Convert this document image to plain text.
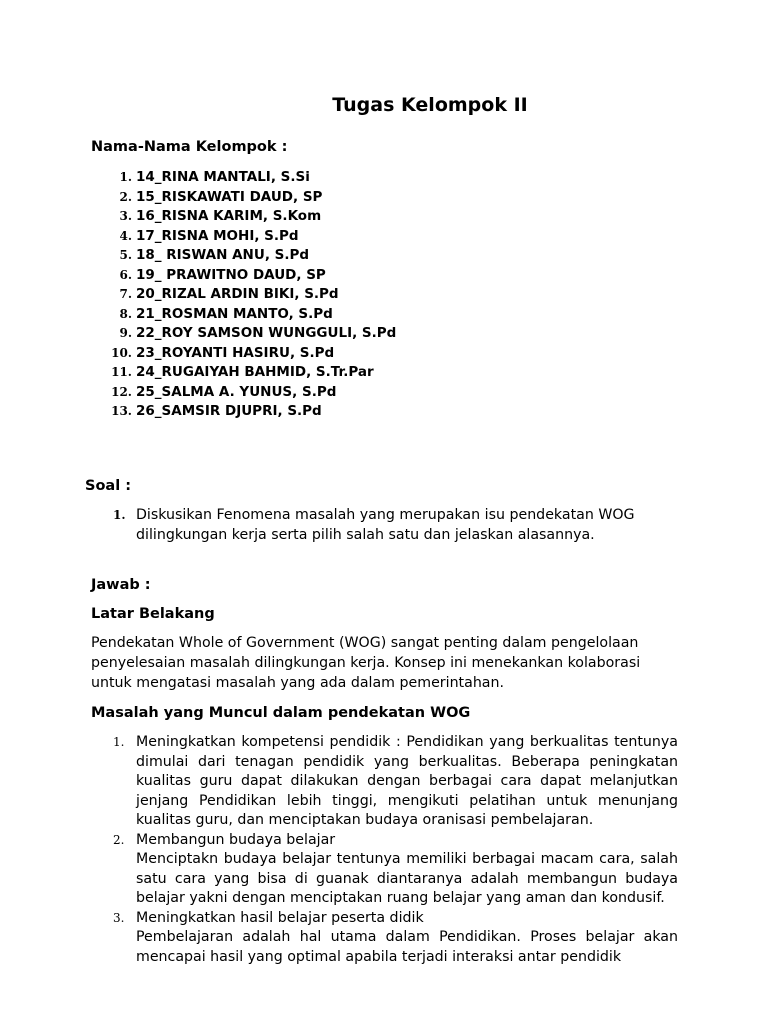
Tugas Kelompok II
Nama-Nama Kelompok :
1. 14_RINA MANTALI, S.Si
2. 15_RISKAWATI DAUD, SP
3. 16_RISNA KARIM, S.Kom
4. 17_RISNA MOHI, S.Pd
5. 18_ RISWAN ANU, S.Pd
6. 19_ PRAWITNO DAUD, SP
7. 20_RIZAL ARDIN BIKI, S.Pd
8. 21_ROSMAN MANTO, S.Pd
9. 22_ROY SAMSON WUNGGULI, S.Pd
10. 23_ROYANTI HASIRU, S.Pd
11. 24_RUGAIYAH BAHMID, S.Tr.Par
12. 25_SALMA A. YUNUS, S.Pd
13. 26_SAMSIR DJUPRI, S.Pd
Soal :
1. Diskusikan Fenomena masalah yang merupakan isu pendekatan WOG dilingkungan kerja serta pilih salah satu dan jelaskan alasannya.
Jawab :
Latar Belakang
Pendekatan Whole of Government (WOG) sangat penting dalam pengelolaan penyelesaian masalah dilingkungan kerja. Konsep ini menekankan kolaborasi untuk mengatasi masalah yang ada dalam pemerintahan.
Masalah yang Muncul dalam pendekatan WOG
1. Meningkatkan kompetensi pendidik : Pendidikan yang berkualitas tentunya dimulai dari tenagan pendidik yang berkualitas. Beberapa peningkatan kualitas guru dapat dilakukan dengan berbagai cara dapat melanjutkan jenjang Pendidikan lebih tinggi, mengikuti pelatihan untuk menunjang kualitas guru, dan menciptakan budaya oranisasi pembelajaran.
2. Membangun budaya belajar
Menciptakn budaya belajar tentunya memiliki berbagai macam cara, salah satu cara yang bisa di guanak diantaranya adalah membangun budaya belajar yakni dengan menciptakan ruang belajar yang aman dan kondusif.
3. Meningkatkan hasil belajar peserta didik
Pembelajaran adalah hal utama dalam Pendidikan. Proses belajar akan mencapai hasil yang optimal apabila terjadi interaksi antar pendidik
